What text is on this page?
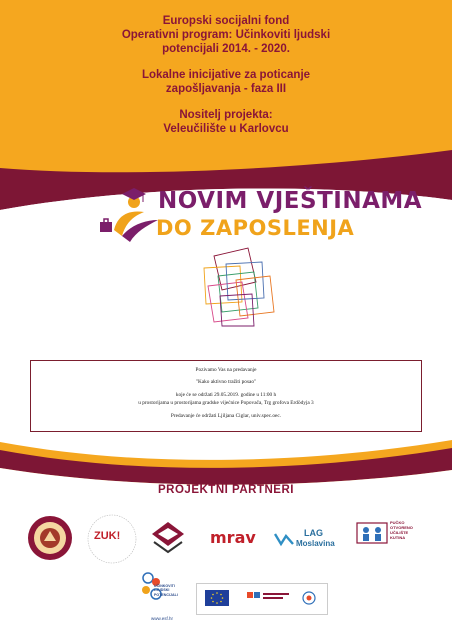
Europski socijalni fond
Operativni program: Učinkoviti ljudski
potencijali 2014. - 2020.
Lokalne inicijative za poticanje
zapošljavanja - faza III
Nositelj projekta:
Veleučilište u Karlovcu
NOVIM VJEŠTINAMA
DO ZAPOSLENJA
Pozivamo Vas na predavanje
"Kako aktivno tražiti posao"
koje će se održati 29.05.2019. godine u 11:00 h
u prostorijama u prostorijama gradske vijećnice Popovača, Trg grofova Erdödyja 3
Predavanje će održati Ljiljana Ciglar, univ.spec.oec.
PROJEKTNI PARTNERI
ZUK!	mrav	LAG
Moslavina
PUČKO
OTVORENO
UČILIŠTE
KUTINA
UČINKOVITI
LJUDSKI
POTENCIJALI
www.esf.hr
